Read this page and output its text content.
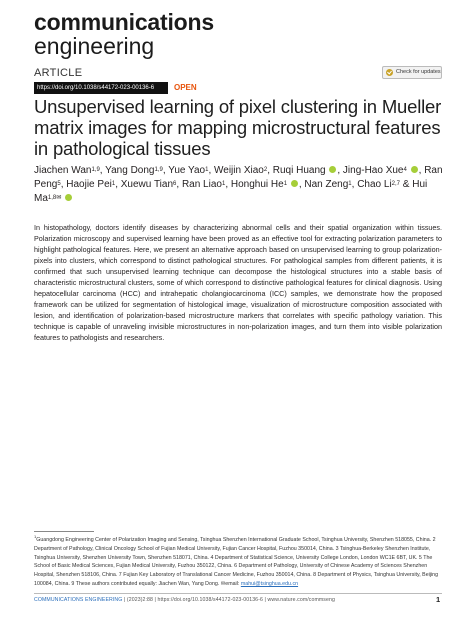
communications
engineering
ARTICLE	Check for updates
https://doi.org/10.1038/s44172-023-00136-6	OPEN
Unsupervised learning of pixel clustering in Mueller matrix images for mapping microstructural features in pathological tissues
Jiachen Wan$^{1,9}$, Yang Dong$^{1,9}$, Yue Yao$^1$, Weijin Xiao$^2$, Ruqi Huang , Jing-Hao Xue$^4$ , Ran Peng$^5$, Haojie Pei$^1$, Xuewu Tian$^6$, Ran Liao$^1$, Honghui He$^1$ , Nan Zeng$^1$, Chao Li$^{2,7}$ & Hui $Ma^{1,8✉}$
In histopathology, doctors identify diseases by characterizing abnormal cells and their spatial organization within tissues. Polarization microscopy and supervised learning have been proved as an effective tool for extracting polarization parameters to highlight pathological features. Here, we present an alternative approach based on unsupervised learning to group polarization-pixels into clusters, which correspond to distinct pathological structures. For pathological samples from different patients, it is confirmed that such unsupervised learning technique can decompose the histological structures into a stable basis of characteristic microstructural clusters, some of which correspond to distinctive pathological features for clinical diagnosis. Using hepatocellular carcinoma (HCC) and intrahepatic cholangiocarcinoma (ICC) samples, we demonstrate how the proposed framework can be utilized for segmentation of histological image, visualization of microstructure composition associated with lesion, and identification of polarization-based microstructure markers that correlates with specific pathology variation. This technique is capable of unraveling invisible microstructures in non-polarization images, and turn them into visible polarization features to pathologists and researchers.
$^1$Guangdong Engineering Center of Polarization Imaging and Sensing, Tsinghua Shenzhen International Graduate School, Tsinghua University, Shenzhen 518055, China. 2 Department of Pathology, Clinical Oncology School of Fujian Medical University, Fujian Cancer Hospital, Fuzhou 350014, China. 3 Tsinghua-Berkeley Shenzhen Institute, Tsinghua University, Shenzhen University Town, Shenzhen 518071, China. 4 Department of Statistical Science, University College London, London WC1E 6BT, UK. 5 The School of Basic Medical Sciences, Fujian Medical University, Fuzhou 350122, China. 6 Department of Pathology, University of Chinese Academy of Sciences Shenzhen Hospital, Shenzhen 518106, China. 7 Fujian Key Laboratory of Translational Cancer Medicine, Fuzhou 350014, China. 8 Department of Physics, Tsinghua University, Beijing 100084, China. 9 These authors contributed equally: Jiachen Wan, Yang Dong. ✉email: mahui@tsinghua.edu.cn
COMMUNICATIONS ENGINEERING | (2023)2:88 | https://doi.org/10.1038/s44172-023-00136-6 | www.nature.com/commseng	1
